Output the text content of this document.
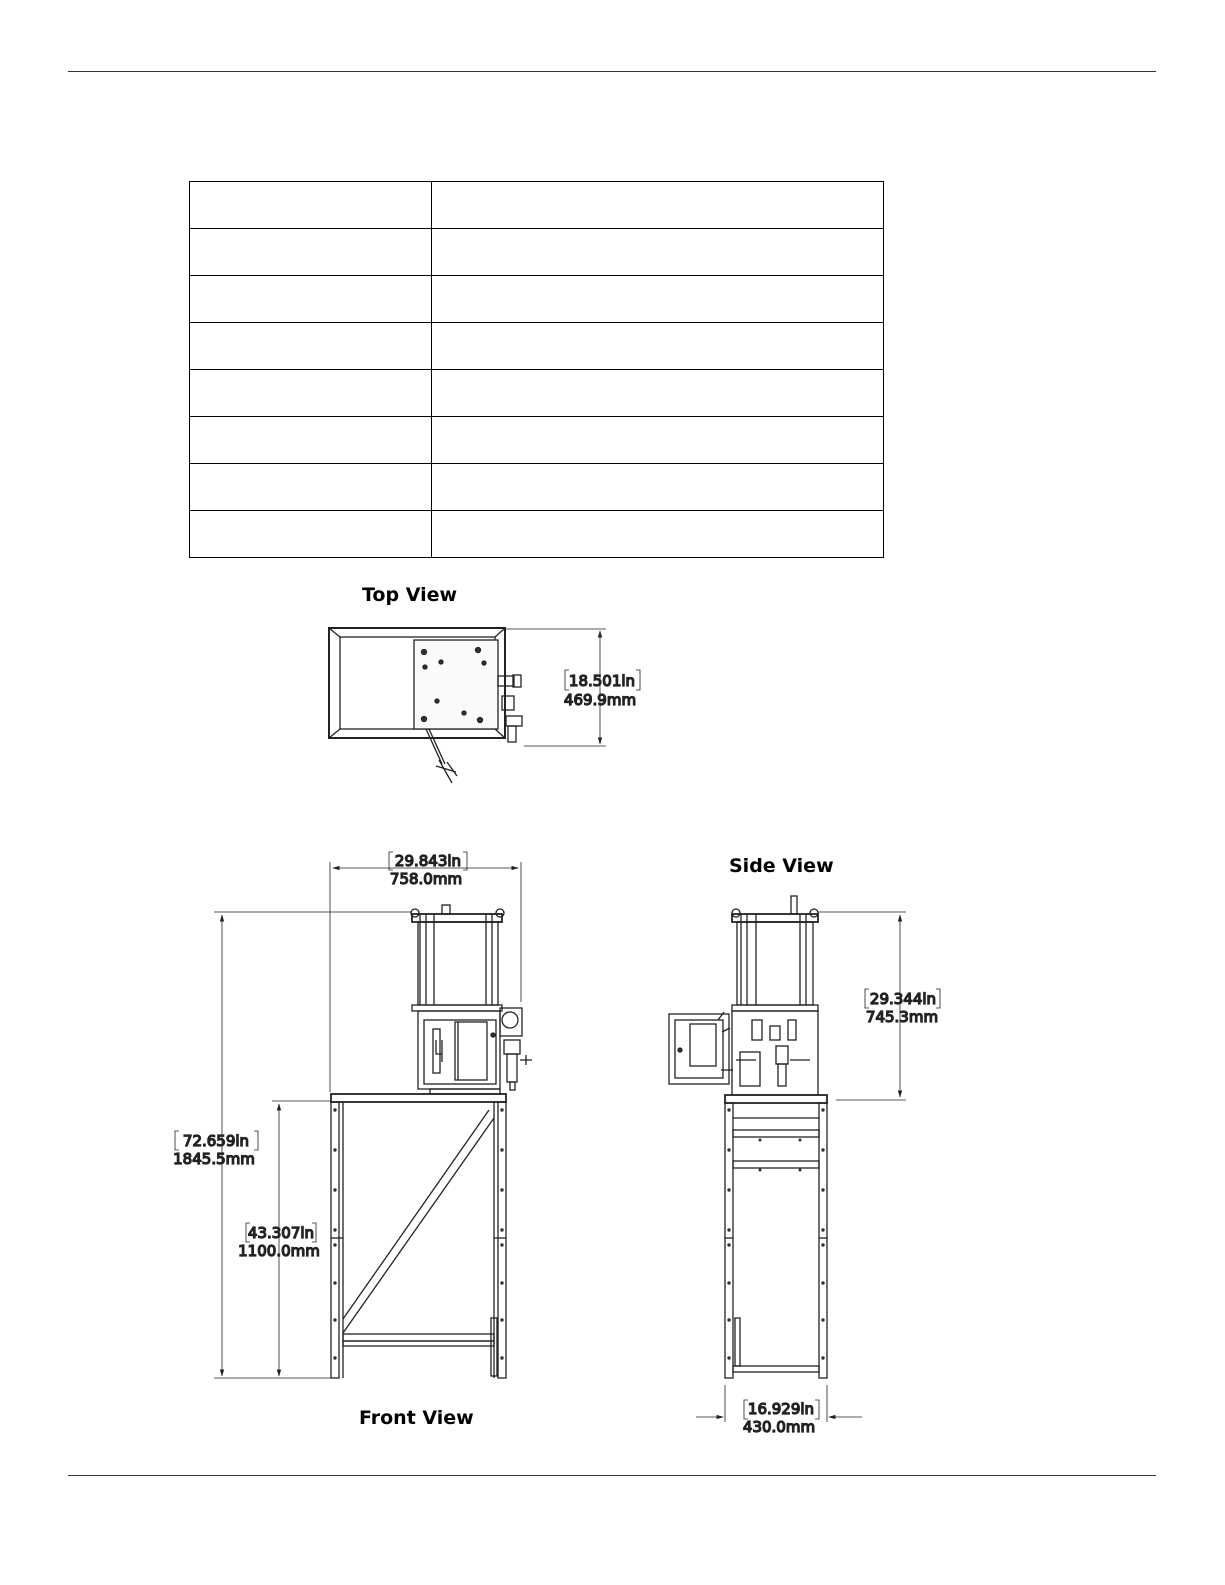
Top View
Side View
Front View
18.501in
469.9mm
29.843in
758.0mm
72.659in
1845.5mm
43.307in
1100.0mm
29.344in
745.3mm
16.929in
430.0mm
